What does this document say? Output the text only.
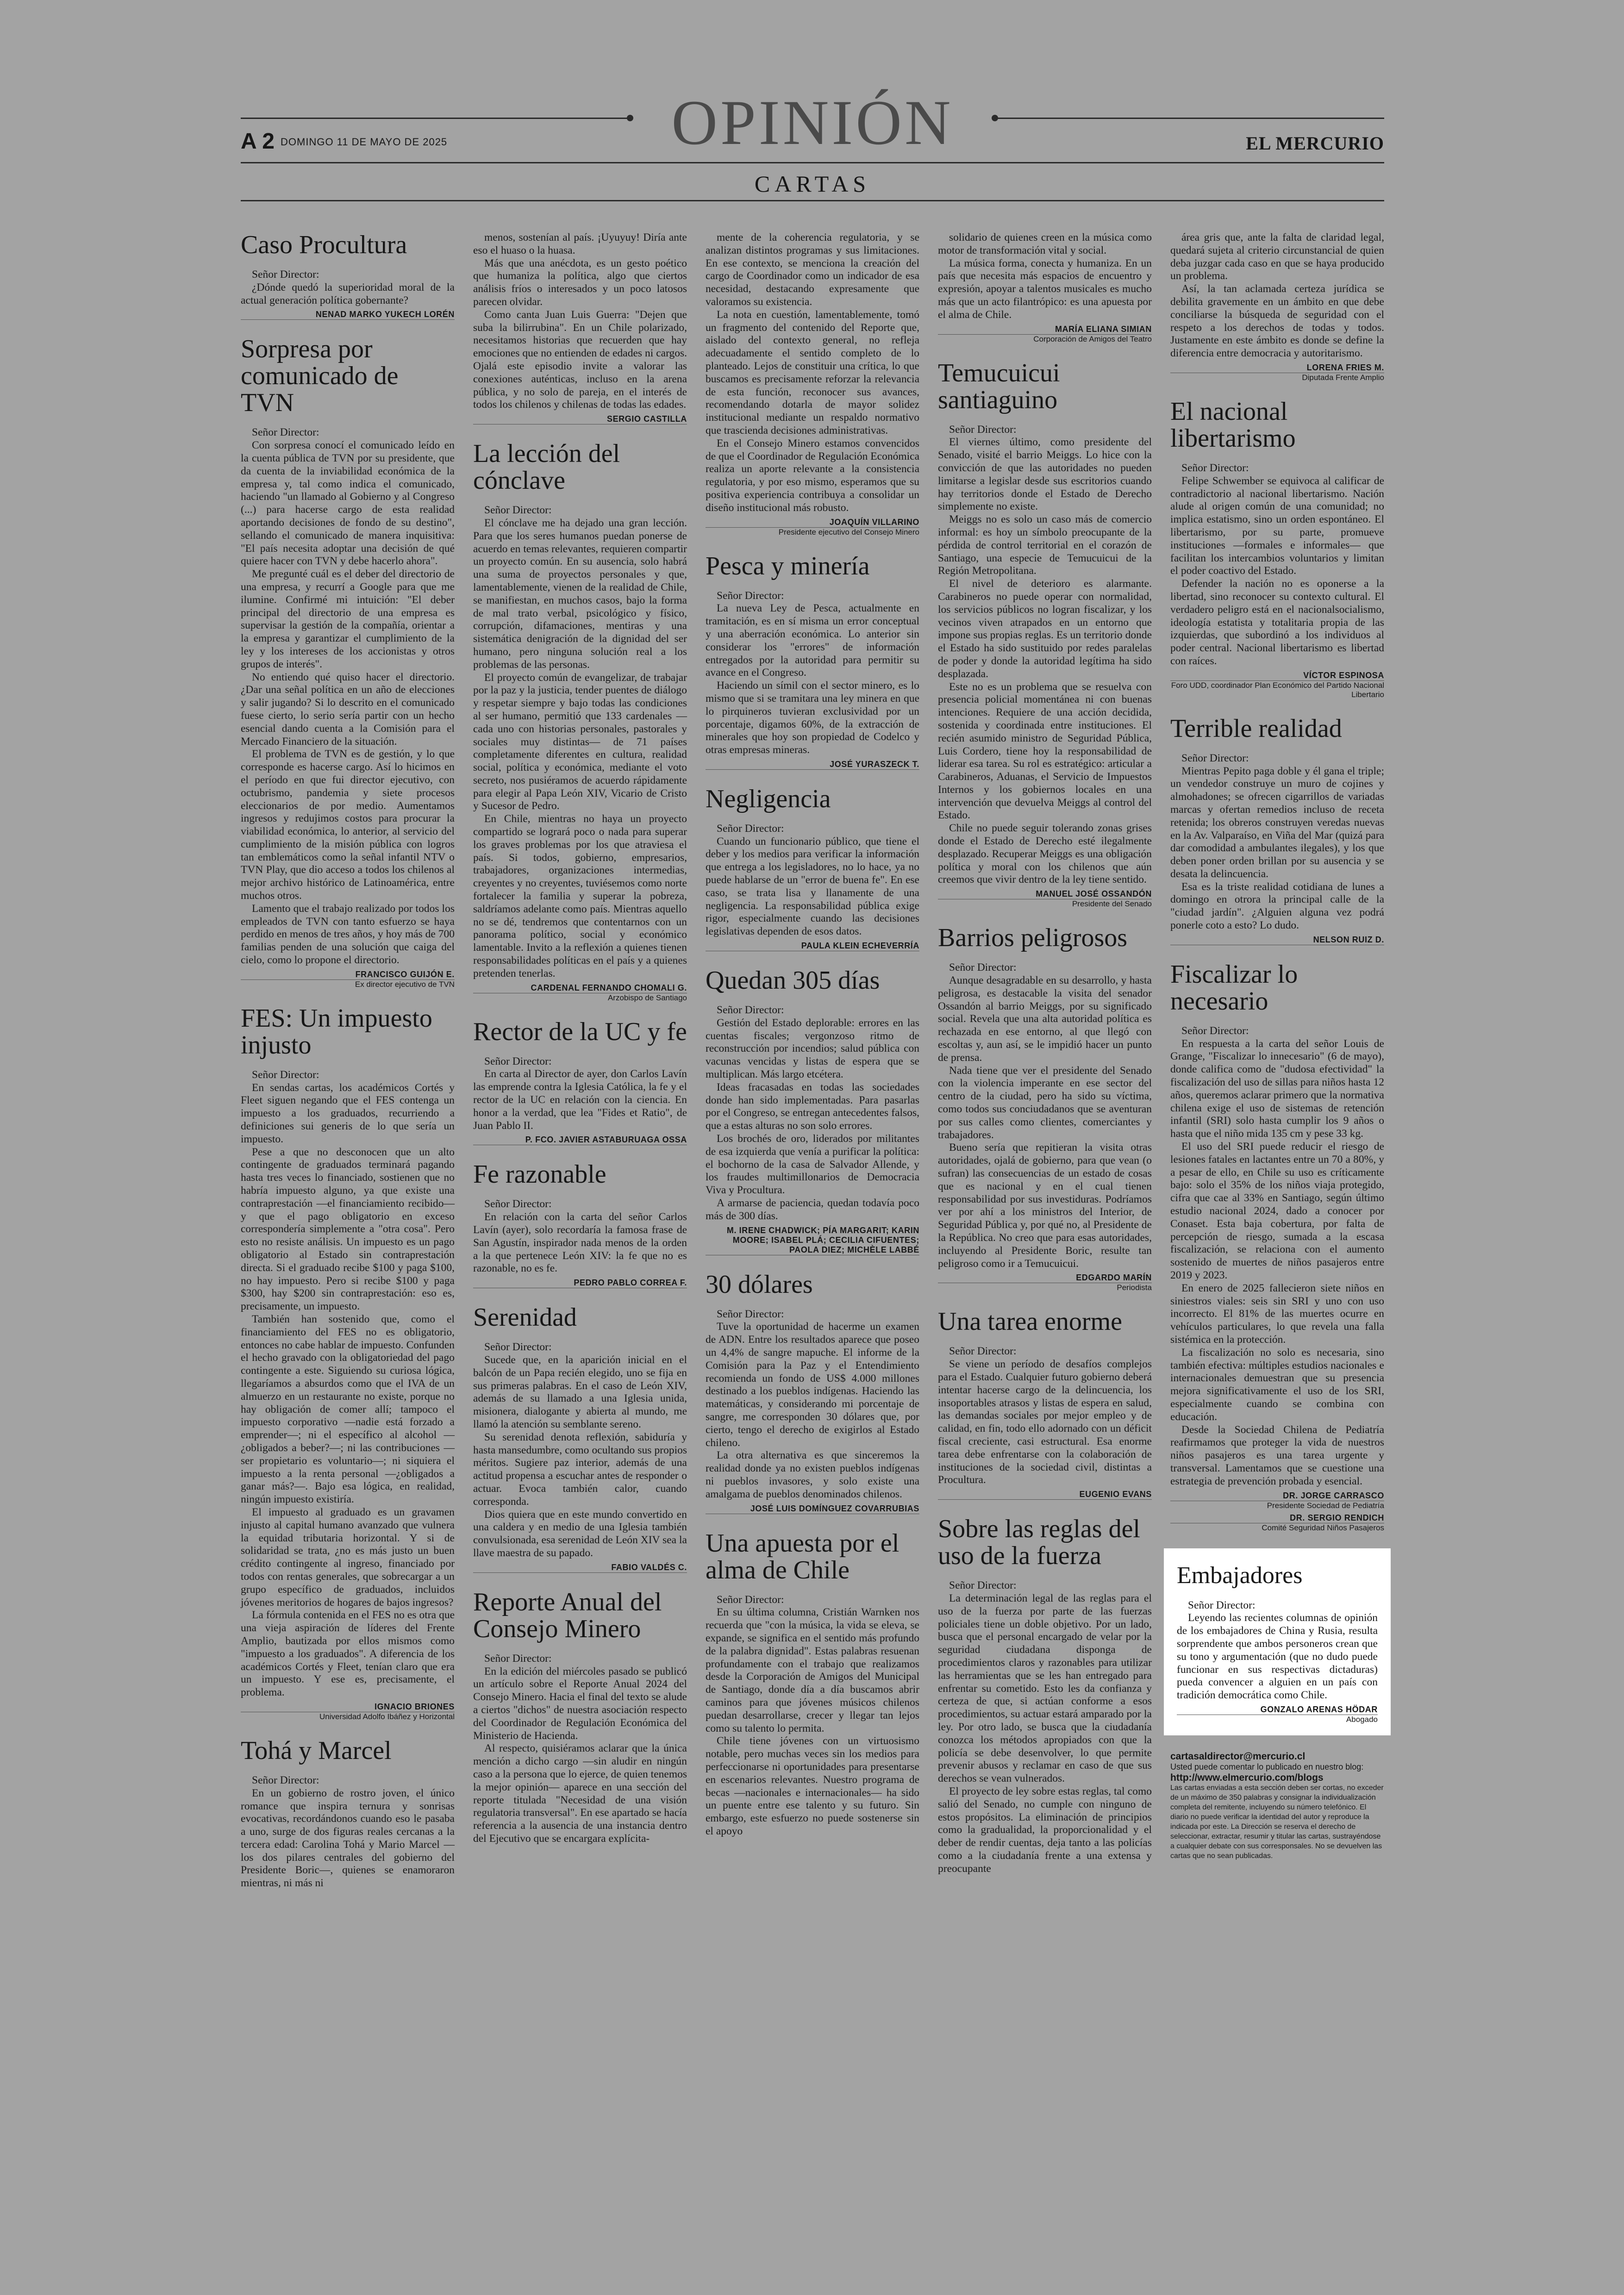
OPINIÓN
A 2 DOMINGO 11 DE MAYO DE 2025	EL MERCURIO
CARTAS
Caso Procultura

Señor Director:

¿Dónde quedó la superioridad moral de la actual generación política gobernante?

NENAD MARKO YUKECH LORÉN
Sorpresa por comunicado de TVN

Señor Director:

Con sorpresa conocí el comunicado leído en la cuenta pública de TVN por su presidente, que da cuenta de la inviabilidad económica de la empresa y, tal como indica el comunicado, haciendo "un llamado al Gobierno y al Congreso (...) para hacerse cargo de esta realidad aportando decisiones de fondo de su destino", sellando el comunicado de manera inquisitiva: "El país necesita adoptar una decisión de qué quiere hacer con TVN y debe hacerlo ahora".

Me pregunté cuál es el deber del directorio de una empresa, y recurrí a Google para que me ilumine. Confirmé mi intuición: "El deber principal del directorio de una empresa es supervisar la gestión de la compañía, orientar a la empresa y garantizar el cumplimiento de la ley y los intereses de los accionistas y otros grupos de interés".

No entiendo qué quiso hacer el directorio. ¿Dar una señal política en un año de elecciones y salir jugando? Si lo descrito en el comunicado fuese cierto, lo serio sería partir con un hecho esencial dando cuenta a la Comisión para el Mercado Financiero de la situación.

El problema de TVN es de gestión, y lo que corresponde es hacerse cargo. Así lo hicimos en el período en que fui director ejecutivo, con octubrismo, pandemia y siete procesos eleccionarios de por medio. Aumentamos ingresos y redujimos costos para procurar la viabilidad económica, lo anterior, al servicio del cumplimiento de la misión pública con logros tan emblemáticos como la señal infantil NTV o TVN Play, que dio acceso a todos los chilenos al mejor archivo histórico de Latinoamérica, entre muchos otros.

Lamento que el trabajo realizado por todos los empleados de TVN con tanto esfuerzo se haya perdido en menos de tres años, y hoy más de 700 familias penden de una solución que caiga del cielo, como lo propone el directorio.

FRANCISCO GUIJÓN E.
Ex director ejecutivo de TVN
FES: Un impuesto injusto

Señor Director:

En sendas cartas, los académicos Cortés y Fleet siguen negando que el FES contenga un impuesto a los graduados, recurriendo a definiciones sui generis de lo que sería un impuesto.

Pese a que no desconocen que un alto contingente de graduados terminará pagando hasta tres veces lo financiado, sostienen que no habría impuesto alguno, ya que existe una contraprestación —el financiamiento recibido— y que el pago obligatorio en exceso correspondería simplemente a "otra cosa". Pero esto no resiste análisis. Un impuesto es un pago obligatorio al Estado sin contraprestación directa. Si el graduado recibe $100 y paga $100, no hay impuesto. Pero si recibe $100 y paga $300, hay $200 sin contraprestación: eso es, precisamente, un impuesto.

También han sostenido que, como el financiamiento del FES no es obligatorio, entonces no cabe hablar de impuesto. Confunden el hecho gravado con la obligatoriedad del pago contingente a este. Siguiendo su curiosa lógica, llegaríamos a absurdos como que el IVA de un almuerzo en un restaurante no existe, porque no hay obligación de comer allí; tampoco el impuesto corporativo —nadie está forzado a emprender—; ni el específico al alcohol —¿obligados a beber?—; ni las contribuciones —ser propietario es voluntario—; ni siquiera el impuesto a la renta personal —¿obligados a ganar más?—. Bajo esa lógica, en realidad, ningún impuesto existiría.

El impuesto al graduado es un gravamen injusto al capital humano avanzado que vulnera la equidad tributaria horizontal. Y si de solidaridad se trata, ¿no es más justo un buen crédito contingente al ingreso, financiado por todos con rentas generales, que sobrecargar a un grupo específico de graduados, incluidos jóvenes meritorios de hogares de bajos ingresos?

La fórmula contenida en el FES no es otra que una vieja aspiración de líderes del Frente Amplio, bautizada por ellos mismos como "impuesto a los graduados". A diferencia de los académicos Cortés y Fleet, tenían claro que era un impuesto. Y ese es, precisamente, el problema.

IGNACIO BRIONES
Universidad Adolfo Ibáñez y Horizontal
Tohá y Marcel

Señor Director:

En un gobierno de rostro joven, el único romance que inspira ternura y sonrisas evocativas, recordándonos cuando eso le pasaba a uno, surge de dos figuras reales cercanas a la tercera edad: Carolina Tohá y Mario Marcel —los dos pilares centrales del gobierno del Presidente Boric—, quienes se enamoraron mientras, ni más ni

menos, sostenían al país. ¡Uyuyuy! Diría ante eso el huaso o la huasa.

Más que una anécdota, es un gesto poético que humaniza la política, algo que ciertos análisis fríos o interesados y un poco latosos parecen olvidar.

Como canta Juan Luis Guerra: "Dejen que suba la bilirrubina". En un Chile polarizado, necesitamos historias que recuerden que hay emociones que no entienden de edades ni cargos. Ojalá este episodio invite a valorar las conexiones auténticas, incluso en la arena pública, y no solo de pareja, en el interés de todos los chilenos y chilenas de todas las edades.

SERGIO CASTILLA
La lección del cónclave

Señor Director:

El cónclave me ha dejado una gran lección. Para que los seres humanos puedan ponerse de acuerdo en temas relevantes, requieren compartir un proyecto común. En su ausencia, solo habrá una suma de proyectos personales y que, lamentablemente, vienen de la realidad de Chile, se manifiestan, en muchos casos, bajo la forma de mal trato verbal, psicológico y físico, corrupción, difamaciones, mentiras y una sistemática denigración de la dignidad del ser humano, pero ninguna solución real a los problemas de las personas.

El proyecto común de evangelizar, de trabajar por la paz y la justicia, tender puentes de diálogo y respetar siempre y bajo todas las condiciones al ser humano, permitió que 133 cardenales —cada uno con historias personales, pastorales y sociales muy distintas— de 71 países completamente diferentes en cultura, realidad social, política y económica, mediante el voto secreto, nos pusiéramos de acuerdo rápidamente para elegir al Papa León XIV, Vicario de Cristo y Sucesor de Pedro.

En Chile, mientras no haya un proyecto compartido se logrará poco o nada para superar los graves problemas por los que atraviesa el país. Si todos, gobierno, empresarios, trabajadores, organizaciones intermedias, creyentes y no creyentes, tuviésemos como norte fortalecer la familia y superar la pobreza, saldríamos adelante como país. Mientras aquello no se dé, tendremos que contentarnos con un panorama político, social y económico lamentable. Invito a la reflexión a quienes tienen responsabilidades políticas en el país y a quienes pretenden tenerlas.

CARDENAL FERNANDO CHOMALI G.
Arzobispo de Santiago
Rector de la UC y fe

Señor Director:

En carta al Director de ayer, don Carlos Lavín las emprende contra la Iglesia Católica, la fe y el rector de la UC en relación con la ciencia. En honor a la verdad, que lea "Fides et Ratio", de Juan Pablo II.

P. FCO. JAVIER ASTABURUAGA OSSA
Fe razonable

Señor Director:

En relación con la carta del señor Carlos Lavín (ayer), solo recordaría la famosa frase de San Agustín, inspirador nada menos de la orden a la que pertenece León XIV: la fe que no es razonable, no es fe.

PEDRO PABLO CORREA F.
Serenidad

Señor Director:

Sucede que, en la aparición inicial en el balcón de un Papa recién elegido, uno se fija en sus primeras palabras. En el caso de León XIV, además de su llamado a una Iglesia unida, misionera, dialogante y abierta al mundo, me llamó la atención su semblante sereno.

Su serenidad denota reflexión, sabiduría y hasta mansedumbre, como ocultando sus propios méritos. Sugiere paz interior, además de una actitud propensa a escuchar antes de responder o actuar. Evoca también calor, cuando corresponda.

Dios quiera que en este mundo convertido en una caldera y en medio de una Iglesia también convulsionada, esa serenidad de León XIV sea la llave maestra de su papado.

FABIO VALDÉS C.
Reporte Anual del Consejo Minero

Señor Director:

En la edición del miércoles pasado se publicó un artículo sobre el Reporte Anual 2024 del Consejo Minero. Hacia el final del texto se alude a ciertos "dichos" de nuestra asociación respecto del Coordinador de Regulación Económica del Ministerio de Hacienda.

Al respecto, quisiéramos aclarar que la única mención a dicho cargo —sin aludir en ningún caso a la persona que lo ejerce, de quien tenemos la mejor opinión— aparece en una sección del reporte titulada "Necesidad de una visión regulatoria transversal". En ese apartado se hacía referencia a la ausencia de una instancia dentro del Ejecutivo que se encargara explícita-

mente de la coherencia regulatoria, y se analizan distintos programas y sus limitaciones. En ese contexto, se menciona la creación del cargo de Coordinador como un indicador de esa necesidad, destacando expresamente que valoramos su existencia.

La nota en cuestión, lamentablemente, tomó un fragmento del contenido del Reporte que, aislado del contexto general, no refleja adecuadamente el sentido completo de lo planteado. Lejos de constituir una crítica, lo que buscamos es precisamente reforzar la relevancia de esta función, reconocer sus avances, recomendando dotarla de mayor solidez institucional mediante un respaldo normativo que trascienda decisiones administrativas.

En el Consejo Minero estamos convencidos de que el Coordinador de Regulación Económica realiza un aporte relevante a la consistencia regulatoria, y por eso mismo, esperamos que su positiva experiencia contribuya a consolidar un diseño institucional más robusto.

JOAQUÍN VILLARINO
Presidente ejecutivo del Consejo Minero
Pesca y minería

Señor Director:

La nueva Ley de Pesca, actualmente en tramitación, es en sí misma un error conceptual y una aberración económica. Lo anterior sin considerar los "errores" de información entregados por la autoridad para permitir su avance en el Congreso.

Haciendo un símil con el sector minero, es lo mismo que si se tramitara una ley minera en que lo pirquineros tuvieran exclusividad por un porcentaje, digamos 60%, de la extracción de minerales que hoy son propiedad de Codelco y otras empresas mineras.

JOSÉ YURASZECK T.
Negligencia

Señor Director:

Cuando un funcionario público, que tiene el deber y los medios para verificar la información que entrega a los legisladores, no lo hace, ya no puede hablarse de un "error de buena fe". En ese caso, se trata lisa y llanamente de una negligencia. La responsabilidad pública exige rigor, especialmente cuando las decisiones legislativas dependen de esos datos.

PAULA KLEIN ECHEVERRÍA
Quedan 305 días

Señor Director:

Gestión del Estado deplorable: errores en las cuentas fiscales; vergonzoso ritmo de reconstrucción por incendios; salud pública con vacunas vencidas y listas de espera que se multiplican. Más largo etcétera.

Ideas fracasadas en todas las sociedades donde han sido implementadas. Para pasarlas por el Congreso, se entregan antecedentes falsos, que a estas alturas no son solo errores.

Los brochés de oro, liderados por militantes de esa izquierda que venía a purificar la política: el bochorno de la casa de Salvador Allende, y los fraudes multimillonarios de Democracia Viva y Procultura.

A armarse de paciencia, quedan todavía poco más de 300 días.

M. IRENE CHADWICK; PÍA MARGARIT; KARIN MOORE; ISABEL PLÁ; CECILIA CIFUENTES; PAOLA DIEZ; MICHÈLE LABBÉ
30 dólares

Señor Director:

Tuve la oportunidad de hacerme un examen de ADN. Entre los resultados aparece que poseo un 4,4% de sangre mapuche. El informe de la Comisión para la Paz y el Entendimiento recomienda un fondo de US$ 4.000 millones destinado a los pueblos indígenas. Haciendo las matemáticas, y considerando mi porcentaje de sangre, me corresponden 30 dólares que, por cierto, tengo el derecho de exigirlos al Estado chileno.

La otra alternativa es que sinceremos la realidad donde ya no existen pueblos indígenas ni pueblos invasores, y solo existe una amalgama de pueblos denominados chilenos.

JOSÉ LUIS DOMÍNGUEZ COVARRUBIAS
Una apuesta por el alma de Chile

Señor Director:

En su última columna, Cristián Warnken nos recuerda que "con la música, la vida se eleva, se expande, se significa en el sentido más profundo de la palabra dignidad". Estas palabras resuenan profundamente con el trabajo que realizamos desde la Corporación de Amigos del Municipal de Santiago, donde día a día buscamos abrir caminos para que jóvenes músicos chilenos puedan desarrollarse, crecer y llegar tan lejos como su talento lo permita.

Chile tiene jóvenes con un virtuosismo notable, pero muchas veces sin los medios para perfeccionarse ni oportunidades para presentarse en escenarios relevantes. Nuestro programa de becas —nacionales e internacionales— ha sido un puente entre ese talento y su futuro. Sin embargo, este esfuerzo no puede sostenerse sin el apoyo

solidario de quienes creen en la música como motor de transformación vital y social.

La música forma, conecta y humaniza. En un país que necesita más espacios de encuentro y expresión, apoyar a talentos musicales es mucho más que un acto filantrópico: es una apuesta por el alma de Chile.

MARÍA ELIANA SIMIAN
Corporación de Amigos del Teatro
Temucuicui santiaguino

Señor Director:

El viernes último, como presidente del Senado, visité el barrio Meiggs. Lo hice con la convicción de que las autoridades no pueden limitarse a legislar desde sus escritorios cuando hay territorios donde el Estado de Derecho simplemente no existe.

Meiggs no es solo un caso más de comercio informal: es hoy un símbolo preocupante de la pérdida de control territorial en el corazón de Santiago, una especie de Temucuicui de la Región Metropolitana.

El nivel de deterioro es alarmante. Carabineros no puede operar con normalidad, los servicios públicos no logran fiscalizar, y los vecinos viven atrapados en un entorno que impone sus propias reglas. Es un territorio donde el Estado ha sido sustituido por redes paralelas de poder y donde la autoridad legítima ha sido desplazada.

Este no es un problema que se resuelva con presencia policial momentánea ni con buenas intenciones. Requiere de una acción decidida, sostenida y coordinada entre instituciones. El recién asumido ministro de Seguridad Pública, Luis Cordero, tiene hoy la responsabilidad de liderar esa tarea. Su rol es estratégico: articular a Carabineros, Aduanas, el Servicio de Impuestos Internos y los gobiernos locales en una intervención que devuelva Meiggs al control del Estado.

Chile no puede seguir tolerando zonas grises donde el Estado de Derecho esté ilegalmente desplazado. Recuperar Meiggs es una obligación política y moral con los chilenos que aún creemos que vivir dentro de la ley tiene sentido.

MANUEL JOSÉ OSSANDÓN
Presidente del Senado
Barrios peligrosos

Señor Director:

Aunque desagradable en su desarrollo, y hasta peligrosa, es destacable la visita del senador Ossandón al barrio Meiggs, por su significado social. Revela que una alta autoridad política es rechazada en ese entorno, al que llegó con escoltas y, aun así, se le impidió hacer un punto de prensa.

Nada tiene que ver el presidente del Senado con la violencia imperante en ese sector del centro de la ciudad, pero ha sido su víctima, como todos sus conciudadanos que se aventuran por sus calles como clientes, comerciantes y trabajadores.

Bueno sería que repitieran la visita otras autoridades, ojalá de gobierno, para que vean (o sufran) las consecuencias de un estado de cosas que es nacional y en el cual tienen responsabilidad por sus investiduras. Podríamos ver por ahí a los ministros del Interior, de Seguridad Pública y, por qué no, al Presidente de la República. No creo que para esas autoridades, incluyendo al Presidente Boric, resulte tan peligroso como ir a Temucuicui.

EDGARDO MARÍN
Periodista
Una tarea enorme

Señor Director:

Se viene un período de desafíos complejos para el Estado. Cualquier futuro gobierno deberá intentar hacerse cargo de la delincuencia, los insoportables atrasos y listas de espera en salud, las demandas sociales por mejor empleo y de calidad, en fin, todo ello adornado con un déficit fiscal creciente, casi estructural. Esa enorme tarea debe enfrentarse con la colaboración de instituciones de la sociedad civil, distintas a Procultura.

EUGENIO EVANS
Sobre las reglas del uso de la fuerza

Señor Director:

La determinación legal de las reglas para el uso de la fuerza por parte de las fuerzas policiales tiene un doble objetivo. Por un lado, busca que el personal encargado de velar por la seguridad ciudadana disponga de procedimientos claros y razonables para utilizar las herramientas que se les han entregado para enfrentar su cometido. Esto les da confianza y certeza de que, si actúan conforme a esos procedimientos, su actuar estará amparado por la ley. Por otro lado, se busca que la ciudadanía conozca los métodos apropiados con que la policía se debe desenvolver, lo que permite prevenir abusos y reclamar en caso de que sus derechos se vean vulnerados.

El proyecto de ley sobre estas reglas, tal como salió del Senado, no cumple con ninguno de estos propósitos. La eliminación de principios como la gradualidad, la proporcionalidad y el deber de rendir cuentas, deja tanto a las policías como a la ciudadanía frente a una extensa y preocupante

área gris que, ante la falta de claridad legal, quedará sujeta al criterio circunstancial de quien deba juzgar cada caso en que se haya producido un problema.

Así, la tan aclamada certeza jurídica se debilita gravemente en un ámbito en que debe conciliarse la búsqueda de seguridad con el respeto a los derechos de todas y todos. Justamente en este ámbito es donde se define la diferencia entre democracia y autoritarismo.

LORENA FRIES M.
Diputada Frente Amplio
El nacional libertarismo

Señor Director:

Felipe Schwember se equivoca al calificar de contradictorio al nacional libertarismo. Nación alude al origen común de una comunidad; no implica estatismo, sino un orden espontáneo. El libertarismo, por su parte, promueve instituciones —formales e informales— que facilitan los intercambios voluntarios y limitan el poder coactivo del Estado.

Defender la nación no es oponerse a la libertad, sino reconocer su contexto cultural. El verdadero peligro está en el nacionalsocialismo, ideología estatista y totalitaria propia de las izquierdas, que subordinó a los individuos al poder central. Nacional libertarismo es libertad con raíces.

VÍCTOR ESPINOSA
Foro UDD, coordinador Plan Económico del Partido Nacional Libertario
Terrible realidad

Señor Director:

Mientras Pepito paga doble y él gana el triple; un vendedor construye un muro de cojines y almohadones; se ofrecen cigarrillos de variadas marcas y ofertan remedios incluso de receta retenida; los obreros construyen veredas nuevas en la Av. Valparaíso, en Viña del Mar (quizá para dar comodidad a ambulantes ilegales), y los que deben poner orden brillan por su ausencia y se desata la delincuencia.

Esa es la triste realidad cotidiana de lunes a domingo en otrora la principal calle de la "ciudad jardín". ¿Alguien alguna vez podrá ponerle coto a esto? Lo dudo.

NELSON RUIZ D.
Fiscalizar lo necesario

Señor Director:

En respuesta a la carta del señor Louis de Grange, "Fiscalizar lo innecesario" (6 de mayo), donde califica como de "dudosa efectividad" la fiscalización del uso de sillas para niños hasta 12 años, queremos aclarar primero que la normativa chilena exige el uso de sistemas de retención infantil (SRI) solo hasta cumplir los 9 años o hasta que el niño mida 135 cm y pese 33 kg.

El uso del SRI puede reducir el riesgo de lesiones fatales en lactantes entre un 70 a 80%, y a pesar de ello, en Chile su uso es críticamente bajo: solo el 35% de los niños viaja protegido, cifra que cae al 33% en Santiago, según último estudio nacional 2024, dado a conocer por Conaset. Esta baja cobertura, por falta de percepción de riesgo, sumada a la escasa fiscalización, se relaciona con el aumento sostenido de muertes de niños pasajeros entre 2019 y 2023.

En enero de 2025 fallecieron siete niños en siniestros viales: seis sin SRI y uno con uso incorrecto. El 81% de las muertes ocurre en vehículos particulares, lo que revela una falla sistémica en la protección.

La fiscalización no solo es necesaria, sino también efectiva: múltiples estudios nacionales e internacionales demuestran que su presencia mejora significativamente el uso de los SRI, especialmente cuando se combina con educación.

Desde la Sociedad Chilena de Pediatría reafirmamos que proteger la vida de nuestros niños pasajeros es una tarea urgente y transversal. Lamentamos que se cuestione una estrategia de prevención probada y esencial.

DR. JORGE CARRASCO
Presidente Sociedad de Pediatría
DR. SERGIO RENDICH
Comité Seguridad Niños Pasajeros
Embajadores

Señor Director:

Leyendo las recientes columnas de opinión de los embajadores de China y Rusia, resulta sorprendente que ambos personeros crean que su tono y argumentación (que no dudo puede funcionar en sus respectivas dictaduras) pueda convencer a alguien en un país con tradición democrática como Chile.

GONZALO ARENAS HÖDAR
Abogado
cartasaldirector@mercurio.cl
Usted puede comentar lo publicado en nuestro blog:
http://www.elmercurio.com/blogs
Las cartas enviadas a esta sección deben ser cortas, no exceder de un máximo de 350 palabras y consignar la individualización completa del remitente, incluyendo su número telefónico. El diario no puede verificar la identidad del autor y reproduce la indicada por este. La Dirección se reserva el derecho de seleccionar, extractar, resumir y titular las cartas, sustrayéndose a cualquier debate con sus corresponsales. No se devuelven las cartas que no sean publicadas.
